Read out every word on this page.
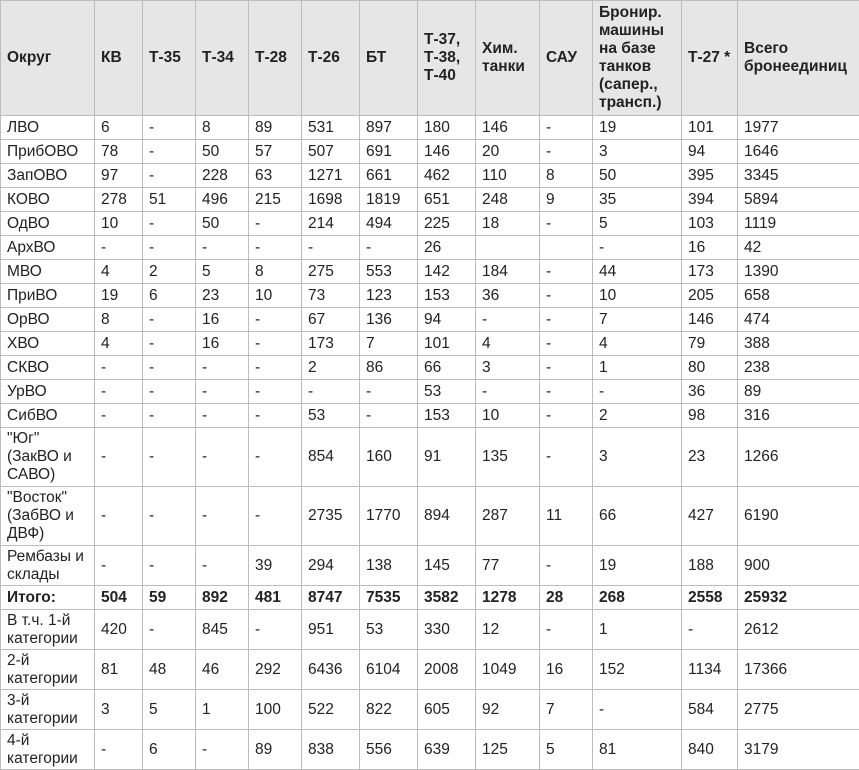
Округ	КВ	Т-35	Т-34	Т-28	Т-26	БТ	Т-37, Т-38, Т-40	Хим. танки	САУ	Бронир. машины на базе танков (сапер., трансп.)	Т-27 *	Всего бронеединиц
ЛВО	6	-	8	89	531	897	180	146	-	19	101	1977
ПрибОВО	78	-	50	57	507	691	146	20	-	3	94	1646
ЗапОВО	97	-	228	63	1271	661	462	110	8	50	395	3345
КОВО	278	51	496	215	1698	1819	651	248	9	35	394	5894
ОдВО	10	-	50	-	214	494	225	18	-	5	103	1119
АрхВО	-	-	-	-	-	-	26			-	16	42
МВО	4	2	5	8	275	553	142	184	-	44	173	1390
ПриВО	19	6	23	10	73	123	153	36	-	10	205	658
ОрВО	8	-	16	-	67	136	94	-	-	7	146	474
ХВО	4	-	16	-	173	7	101	4	-	4	79	388
СКВО	-	-	-	-	2	86	66	3	-	1	80	238
УрВО	-	-	-	-	-	-	53	-	-	-	36	89
СибВО	-	-	-	-	53	-	153	10	-	2	98	316
"Юг" (ЗакВО и САВО)	-	-	-	-	854	160	91	135	-	3	23	1266
"Восток" (ЗабВО и ДВФ)	-	-	-	-	2735	1770	894	287	11	66	427	6190
Рембазы и склады	-	-	-	39	294	138	145	77	-	19	188	900
Итого:	504	59	892	481	8747	7535	3582	1278	28	268	2558	25932
В т.ч. 1-й категории	420	-	845	-	951	53	330	12	-	1	-	2612
2-й категории	81	48	46	292	6436	6104	2008	1049	16	152	1134	17366
3-й категории	3	5	1	100	522	822	605	92	7	-	584	2775
4-й категории	-	6	-	89	838	556	639	125	5	81	840	3179
